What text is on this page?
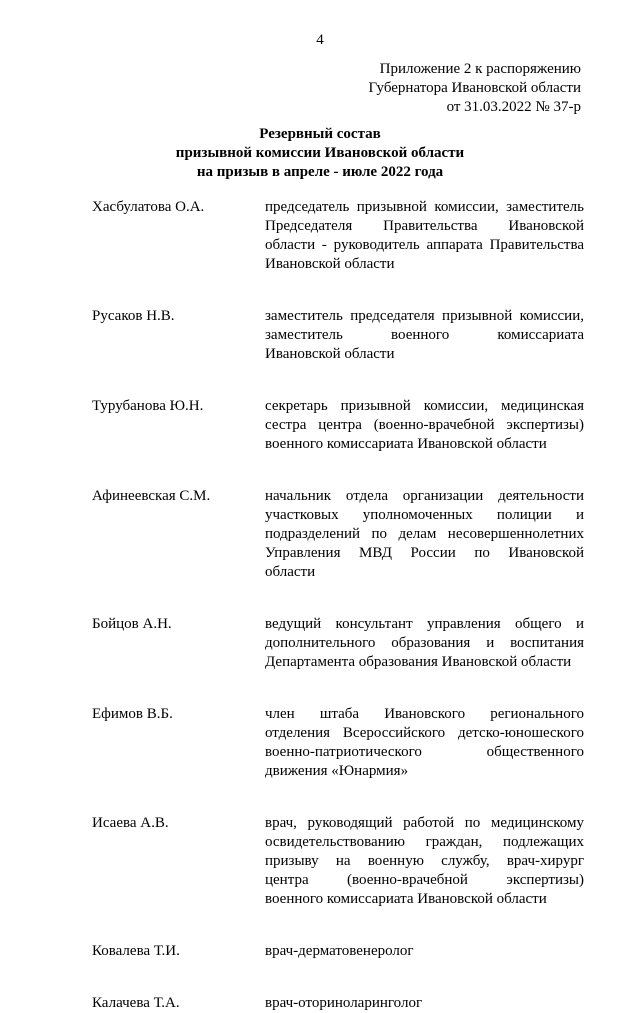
4
Приложение 2 к распоряжению
Губернатора Ивановской области
от 31.03.2022 № 37-р
Резервный состав
призывной комиссии Ивановской области
на призыв в апреле - июле 2022 года
Хасбулатова О.А.	председатель призывной комиссии, заместитель
Председателя Правительства Ивановской
области - руководитель аппарата Правительства
Ивановской области
Русаков Н.В.	заместитель председателя призывной комиссии,
заместитель военного комиссариата
Ивановской области
Турубанова Ю.Н.	секретарь призывной комиссии, медицинская
сестра центра (военно-врачебной экспертизы)
военного комиссариата Ивановской области
Афинеевская С.М.	начальник отдела организации деятельности
участковых уполномоченных полиции и
подразделений по делам несовершеннолетних
Управления МВД России по Ивановской
области
Бойцов А.Н.	ведущий консультант управления общего и
дополнительного образования и воспитания
Департамента образования Ивановской области
Ефимов В.Б.	член штаба Ивановского регионального
отделения Всероссийского детско-юношеского
военно-патриотического общественного
движения «Юнармия»
Исаева А.В.	врач, руководящий работой по медицинскому
освидетельствованию граждан, подлежащих
призыву на военную службу, врач-хирург
центра (военно-врачебной экспертизы)
военного комиссариата Ивановской области
Ковалева Т.И.	врач-дерматовенеролог
Калачева Т.А.	врач-оториноларинголог
